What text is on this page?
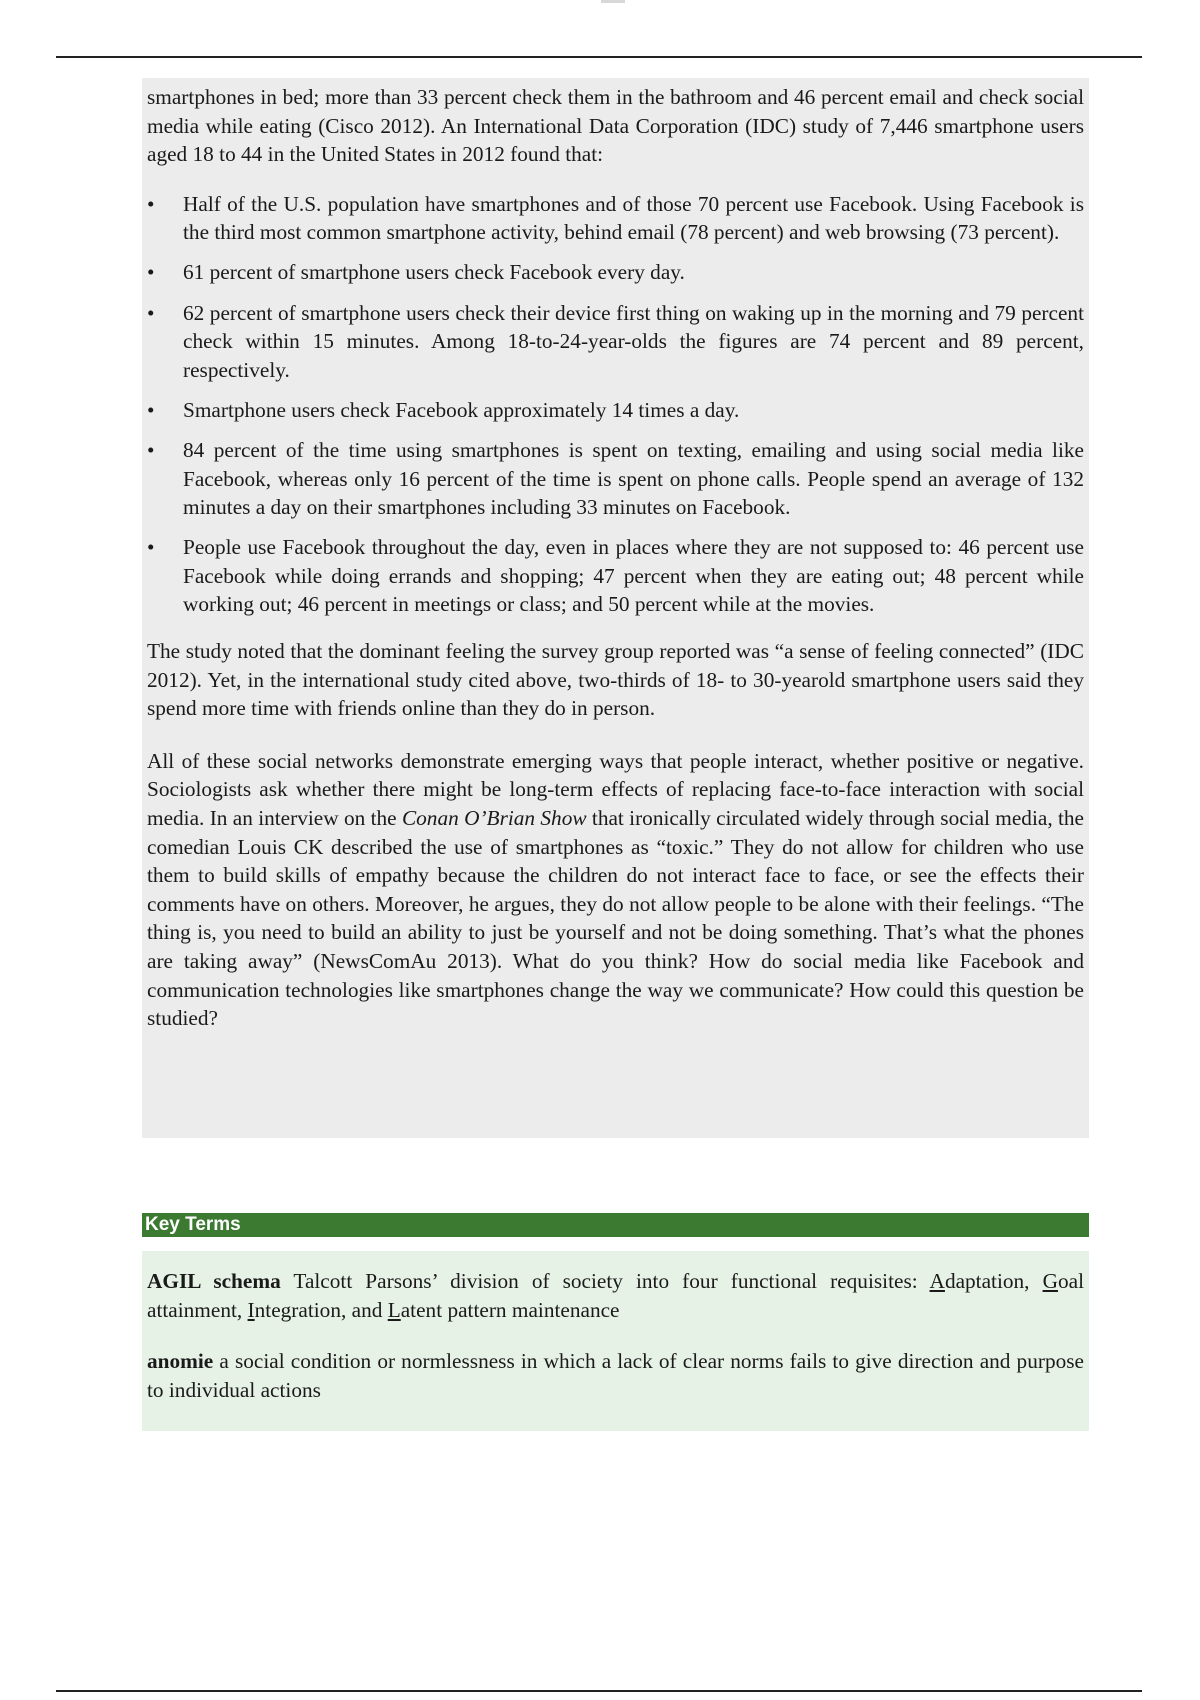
smartphones in bed; more than 33 percent check them in the bathroom and 46 percent email and check social media while eating (Cisco 2012). An International Data Corporation (IDC) study of 7,446 smartphone users aged 18 to 44 in the United States in 2012 found that:

• Half of the U.S. population have smartphones and of those 70 percent use Facebook. Using Facebook is the third most common smartphone activity, behind email (78 percent) and web browsing (73 percent).
• 61 percent of smartphone users check Facebook every day.
• 62 percent of smartphone users check their device first thing on waking up in the morning and 79 percent check within 15 minutes. Among 18-to-24-year-olds the figures are 74 percent and 89 percent, respectively.
• Smartphone users check Facebook approximately 14 times a day.
• 84 percent of the time using smartphones is spent on texting, emailing and using social media like Facebook, whereas only 16 percent of the time is spent on phone calls. People spend an average of 132 minutes a day on their smartphones including 33 minutes on Facebook.
• People use Facebook throughout the day, even in places where they are not supposed to: 46 percent use Facebook while doing errands and shopping; 47 percent when they are eating out; 48 percent while working out; 46 percent in meetings or class; and 50 percent while at the movies.

The study noted that the dominant feeling the survey group reported was “a sense of feeling connected” (IDC 2012). Yet, in the international study cited above, two-thirds of 18- to 30-yearold smartphone users said they spend more time with friends online than they do in person.

All of these social networks demonstrate emerging ways that people interact, whether positive or negative. Sociologists ask whether there might be long-term effects of replacing face-to-face interaction with social media. In an interview on the Conan O’Brian Show that ironically circulated widely through social media, the comedian Louis CK described the use of smartphones as “toxic.” They do not allow for children who use them to build skills of empathy because the children do not interact face to face, or see the effects their comments have on others. Moreover, he argues, they do not allow people to be alone with their feelings. “The thing is, you need to build an ability to just be yourself and not be doing something. That’s what the phones are taking away” (NewsComAu 2013). What do you think? How do social media like Facebook and communication technologies like smartphones change the way we communicate? How could this question be studied?

Key Terms

AGIL schema Talcott Parsons’ division of society into four functional requisites: Adaptation, Goal attainment, Integration, and Latent pattern maintenance

anomie a social condition or normlessness in which a lack of clear norms fails to give direction and purpose to individual actions
